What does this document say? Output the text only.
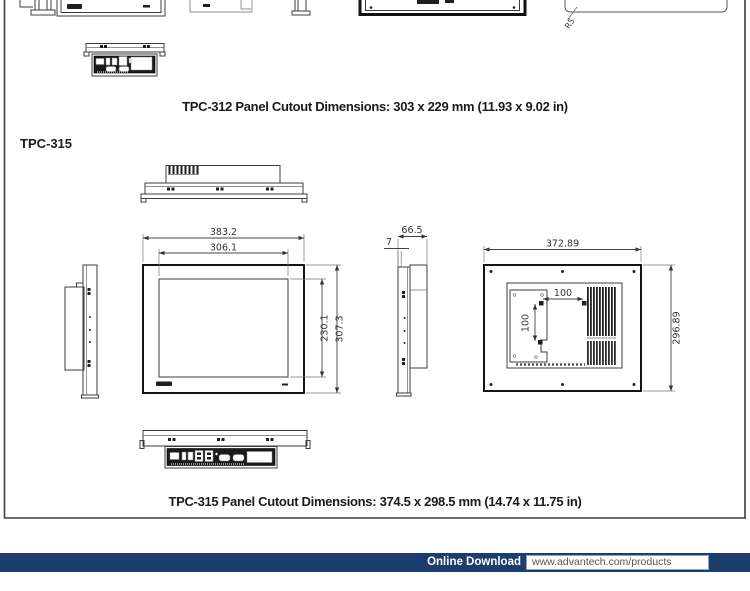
R5
383.2
306.1
230.1 307.3
66.5
7	372.89
296.89
100
100
TPC-312 Panel Cutout Dimensions: 303 x 229 mm (11.93 x 9.02 in)
TPC-315
TPC-315 Panel Cutout Dimensions: 374.5 x 298.5 mm (14.74 x 11.75 in)
Online Download	www.advantech.com/products
